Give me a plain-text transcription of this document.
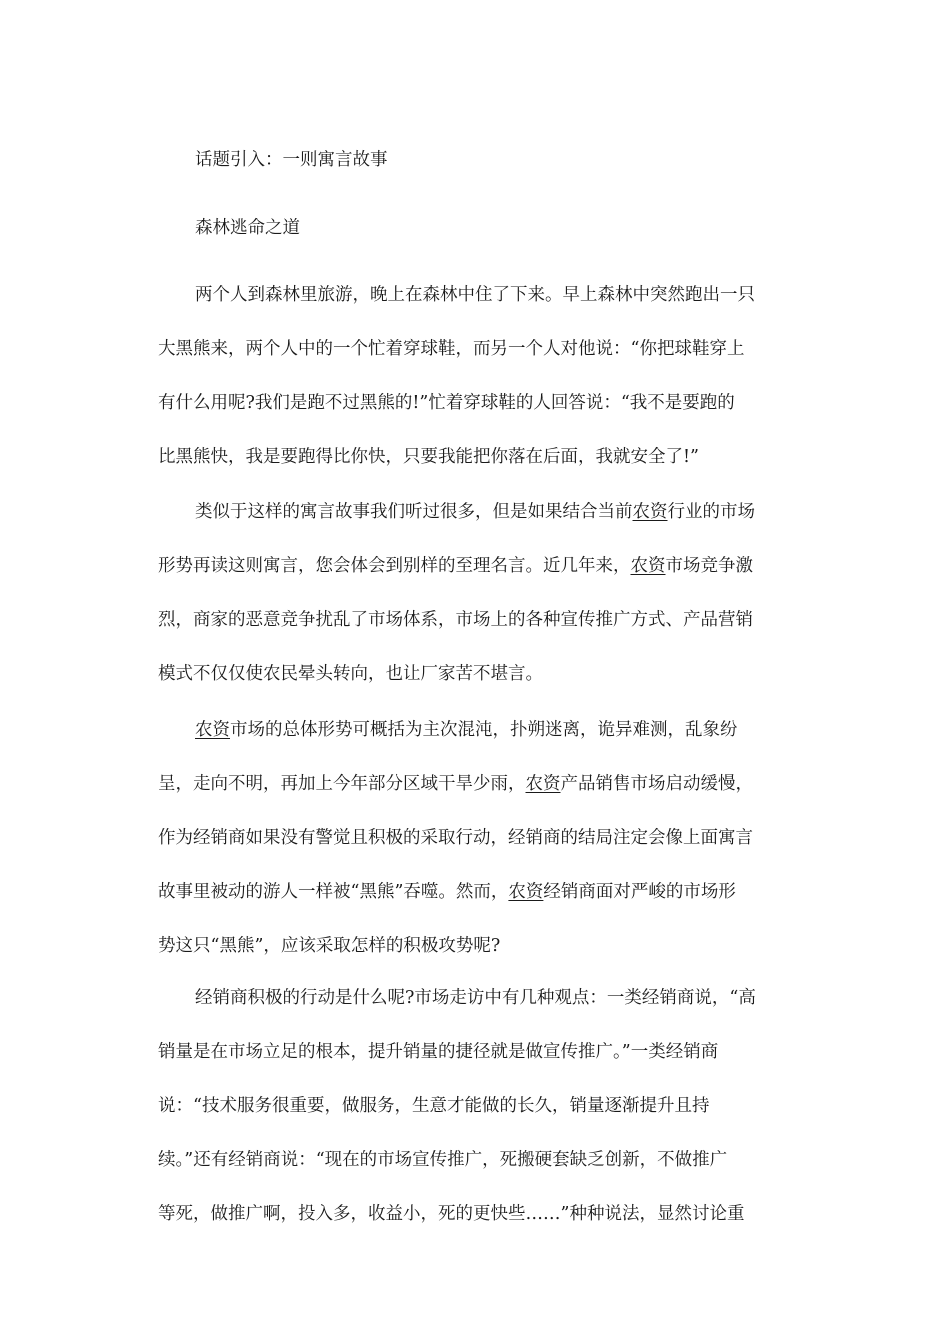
话题引入：一则寓言故事
森林逃命之道
两个人到森林里旅游，晚上在森林中住了下来。早上森林中突然跑出一只
大黑熊来，两个人中的一个忙着穿球鞋，而另一个人对他说：“你把球鞋穿上
有什么用呢?我们是跑不过黑熊的!”忙着穿球鞋的人回答说：“我不是要跑的
比黑熊快，我是要跑得比你快，只要我能把你落在后面，我就安全了!”
类似于这样的寓言故事我们听过很多，但是如果结合当前农资行业的市场
形势再读这则寓言，您会体会到别样的至理名言。近几年来，农资市场竞争激
烈，商家的恶意竞争扰乱了市场体系，市场上的各种宣传推广方式、产品营销
模式不仅仅使农民晕头转向，也让厂家苦不堪言。
农资市场的总体形势可概括为主次混沌，扑朔迷离，诡异难测，乱象纷
呈，走向不明，再加上今年部分区域干旱少雨，农资产品销售市场启动缓慢，
作为经销商如果没有警觉且积极的采取行动，经销商的结局注定会像上面寓言
故事里被动的游人一样被“黑熊”吞噬。然而，农资经销商面对严峻的市场形
势这只“黑熊”，应该采取怎样的积极攻势呢?
经销商积极的行动是什么呢?市场走访中有几种观点：一类经销商说，“高
销量是在市场立足的根本，提升销量的捷径就是做宣传推广。”一类经销商
说：“技术服务很重要，做服务，生意才能做的长久，销量逐渐提升且持
续。”还有经销商说：“现在的市场宣传推广，死搬硬套缺乏创新，不做推广
等死，做推广啊，投入多，收益小，死的更快些……”种种说法，显然讨论重
